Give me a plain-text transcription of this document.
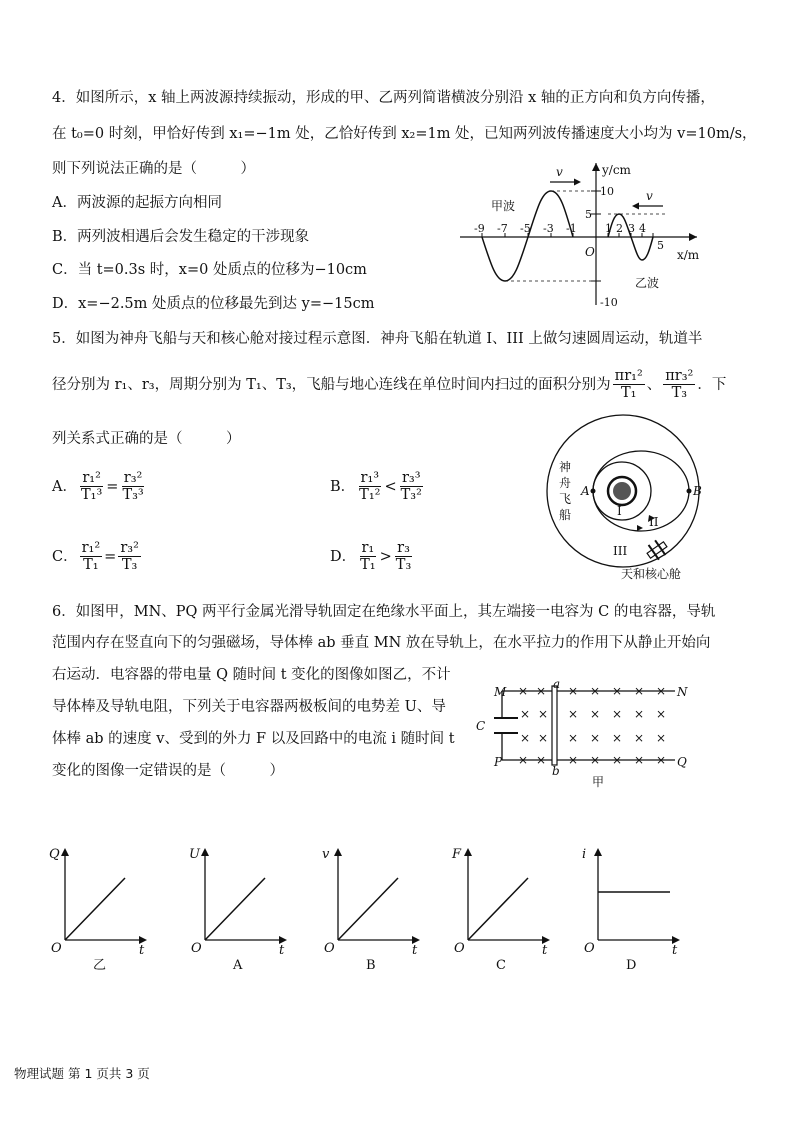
4．如图所示，x 轴上两波源持续振动，形成的甲、乙两列简谐横波分别沿 x 轴的正方向和负方向传播，
在 t₀=0 时刻，甲恰好传到 x₁=−1m 处，乙恰好传到 x₂=1m 处，已知两列波传播速度大小均为 v=10m/s，
则下列说法正确的是（　　　）
A．两波源的起振方向相同
B．两列波相遇后会发生稳定的干涉现象
C．当 t=0.3s 时，x=0 处质点的位移为−10cm
D．x=−2.5m 处质点的位移最先到达 y=−15cm
v
v
y/cm
x/m
O
甲波
乙波
10
5
-10
-9 -7 -5 -3 -1	1 2 3 4
5
5．如图为神舟飞船与天和核心舱对接过程示意图．神舟飞船在轨道 I、III 上做匀速圆周运动，轨道半
径分别为 r₁、r₃，周期分别为 T₁、T₃，飞船与地心连线在单位时间内扫过的面积分别为 $\frac{\text{πr₁²}}{\text{T₁}}$ 、 $\frac{\text{πr₃²}}{\text{T₃}}$ ．下
列关系式正确的是（　　　）
A． $\frac{\text{r₁²}}{\text{T₁³}} = \frac{\text{r₃²}}{\text{T₃³}}$	B． $\frac{\text{r₁³}}{\text{T₁²}} < \frac{\text{r₃³}}{\text{T₃²}}$
C． $\frac{\text{r₁²}}{\text{T₁}} = \frac{\text{r₃²}}{\text{T₃}}$	D． $\frac{\text{r₁}}{\text{T₁}} > \frac{\text{r₃}}{\text{T₃}}$
神
舟
飞
船
A	B
I
II
III
天和核心舱
6．如图甲，MN、PQ 两平行金属光滑导轨固定在绝缘水平面上，其左端接一电容为 C 的电容器，导轨
范围内存在竖直向下的匀强磁场，导体棒 ab 垂直 MN 放在导轨上，在水平拉力的作用下从静止开始向
右运动．电容器的带电量 Q 随时间 t 变化的图像如图乙，不计
导体棒及导轨电阻，下列关于电容器两极板间的电势差 U、导
体棒 ab 的速度 v、受到的外力 F 以及回路中的电流 i 随时间 t
变化的图像一定错误的是（　　　）
× × × × × × ×
× × × × × × ×
× × × × × × ×
× × × × × × ×
M	N
P	Q
a
b
C
甲
Q
t
O
乙
U
t
O
A
v
t
O
B
F
t
O
C
i
t
O
D
物理试题 第 1 页共 3 页
